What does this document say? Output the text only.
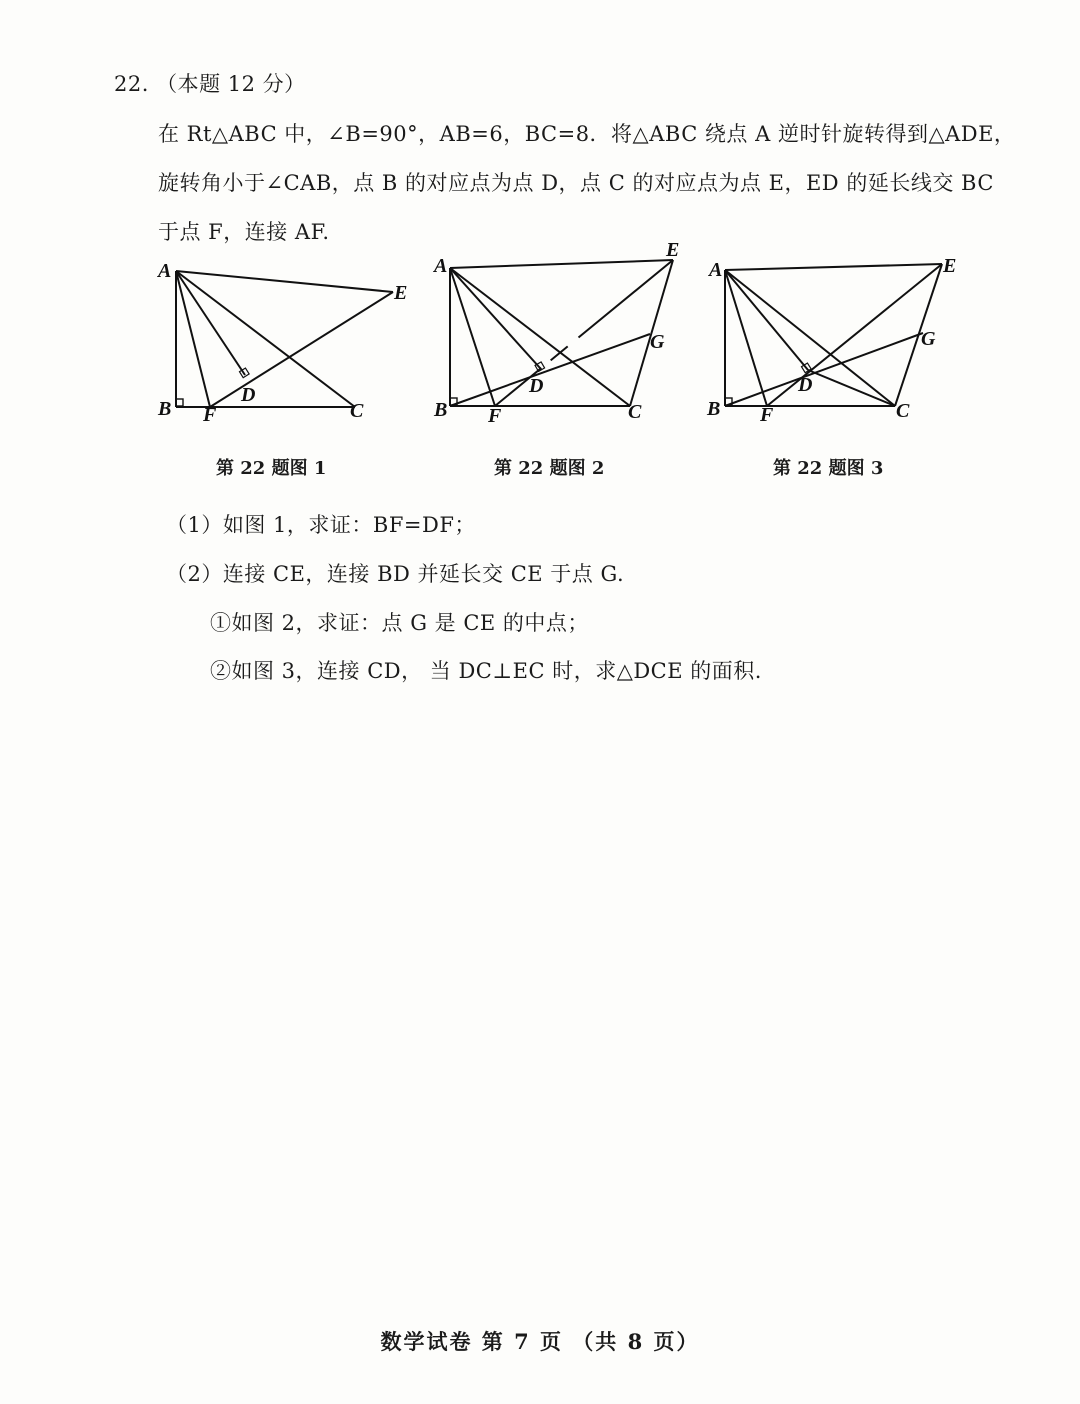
22. （本题 12 分）
在 Rt△ABC 中，∠B=90°，AB=6，BC=8．将△ABC 绕点 A 逆时针旋转得到△ADE，
旋转角小于∠CAB，点 B 的对应点为点 D，点 C 的对应点为点 E，ED 的延长线交 BC
于点 F，连接 AF.
A
B	C
D
E
F
第 22 题图 1
A
B	C
D
E
F
G
第 22 题图 2
A
B	C
D
E
F
G
第 22 题图 3
（1）如图 1，求证：BF=DF；
（2）连接 CE，连接 BD 并延长交 CE 于点 G.
①如图 2，求证：点 G 是 CE 的中点；
②如图 3，连接 CD， 当 DC⊥EC 时，求△DCE 的面积.
数学试卷 第 7 页 （共 8 页）
